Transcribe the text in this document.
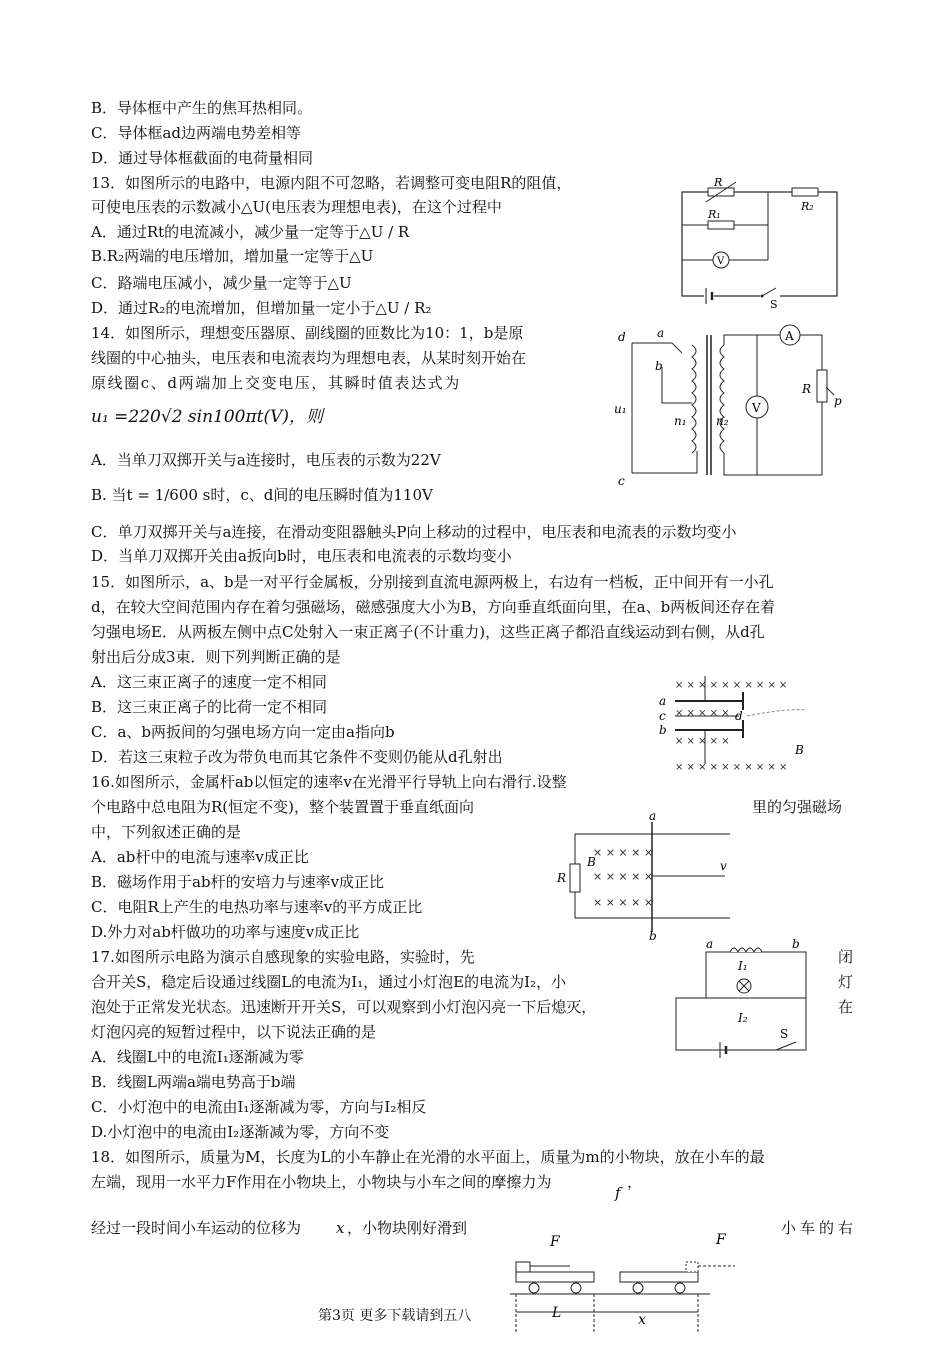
B．导体框中产生的焦耳热相同。
C．导体框ad边两端电势差相等
D．通过导体框截面的电荷量相同
13．如图所示的电路中，电源内阻不可忽略，若调整可变电阻R的阻值，
可使电压表的示数减小△U(电压表为理想电表)，在这个过程中
A．通过Rt的电流减小，减少量一定等于△U / R
B.R₂两端的电压增加，增加量一定等于△U
C．路端电压减小，减少量一定等于△U
D．通过R₂的电流增加，但增加量一定小于△U / R₂
14．如图所示，理想变压器原、副线圈的匝数比为10：1，b是原
线圈的中心抽头，电压表和电流表均为理想电表，从某时刻开始在
原线圈c、d两端加上交变电压，其瞬时值表达式为
u₁ =220√2 sin100πt(V)，则
A．当单刀双掷开关与a连接时，电压表的示数为22V
B. 当t = 1/600 s时，c、d间的电压瞬时值为110V
C．单刀双掷开关与a连接，在滑动变阻器触头P向上移动的过程中，电压表和电流表的示数均变小
D．当单刀双掷开关由a扳向b时，电压表和电流表的示数均变小
15．如图所示，a、b是一对平行金属板，分别接到直流电源两极上，右边有一档板，正中间开有一小孔
d，在较大空间范围内存在着匀强磁场，磁感强度大小为B，方向垂直纸面向里，在a、b两板间还存在着
匀强电场E．从两板左侧中点C处射入一束正离子(不计重力)，这些正离子都沿直线运动到右侧，从d孔
射出后分成3束．则下列判断正确的是
A．这三束正离子的速度一定不相同
B．这三束正离子的比荷一定不相同
C．a、b两扳间的匀强电场方向一定由a指向b
D．若这三束粒子改为带负电而其它条件不变则仍能从d孔射出
16.如图所示，金属杆ab以恒定的速率v在光滑平行导轨上向右滑行.设整
个电路中总电阻为R(恒定不变)，整个装置置于垂直纸面向	里的匀强磁场
中，下列叙述正确的是
A．ab杆中的电流与速率v成正比
B．磁场作用于ab杆的安培力与速率v成正比
C．电阻R上产生的电热功率与速率v的平方成正比
D.外力对ab杆做功的功率与速度v成正比
17.如图所示电路为演示自感现象的实验电路，实验时，先	闭
合开关S，稳定后设通过线圈L的电流为I₁，通过小灯泡E的电流为I₂，小	灯
泡处于正常发光状态。迅速断开开关S，可以观察到小灯泡闪亮一下后熄灭，	在
灯泡闪亮的短暂过程中，以下说法正确的是
A．线圈L中的电流I₁逐渐减为零
B．线圈L两端a端电势高于b端
C．小灯泡中的电流由I₁逐渐减为零，方向与I₂相反
D.小灯泡中的电流由I₂逐渐减为零，方向不变
18．如图所示，质量为M，长度为L的小车静止在光滑的水平面上，质量为m的小物块，放在小车的最
左端，现用一水平力F作用在小物块上，小物块与小车之间的摩擦力为
f
，
经过一段时间小车运动的位移为 x ，小物块刚好滑到	小车的右
第3页 更多下载请到五八
V
R
R₁
R₂
S
A
V
R
p
a
b
d
c
u₁
n₁ n₂
× × × × × × × × × ×
× × × × ×
× × × × ×
× × × × × × × × × ×
a
b
c	d
B
× × × × ×
× × × × ×
× × × × ×
a
b
R
B	v
a	b
I₁
I₂
S
F	F
L	x
